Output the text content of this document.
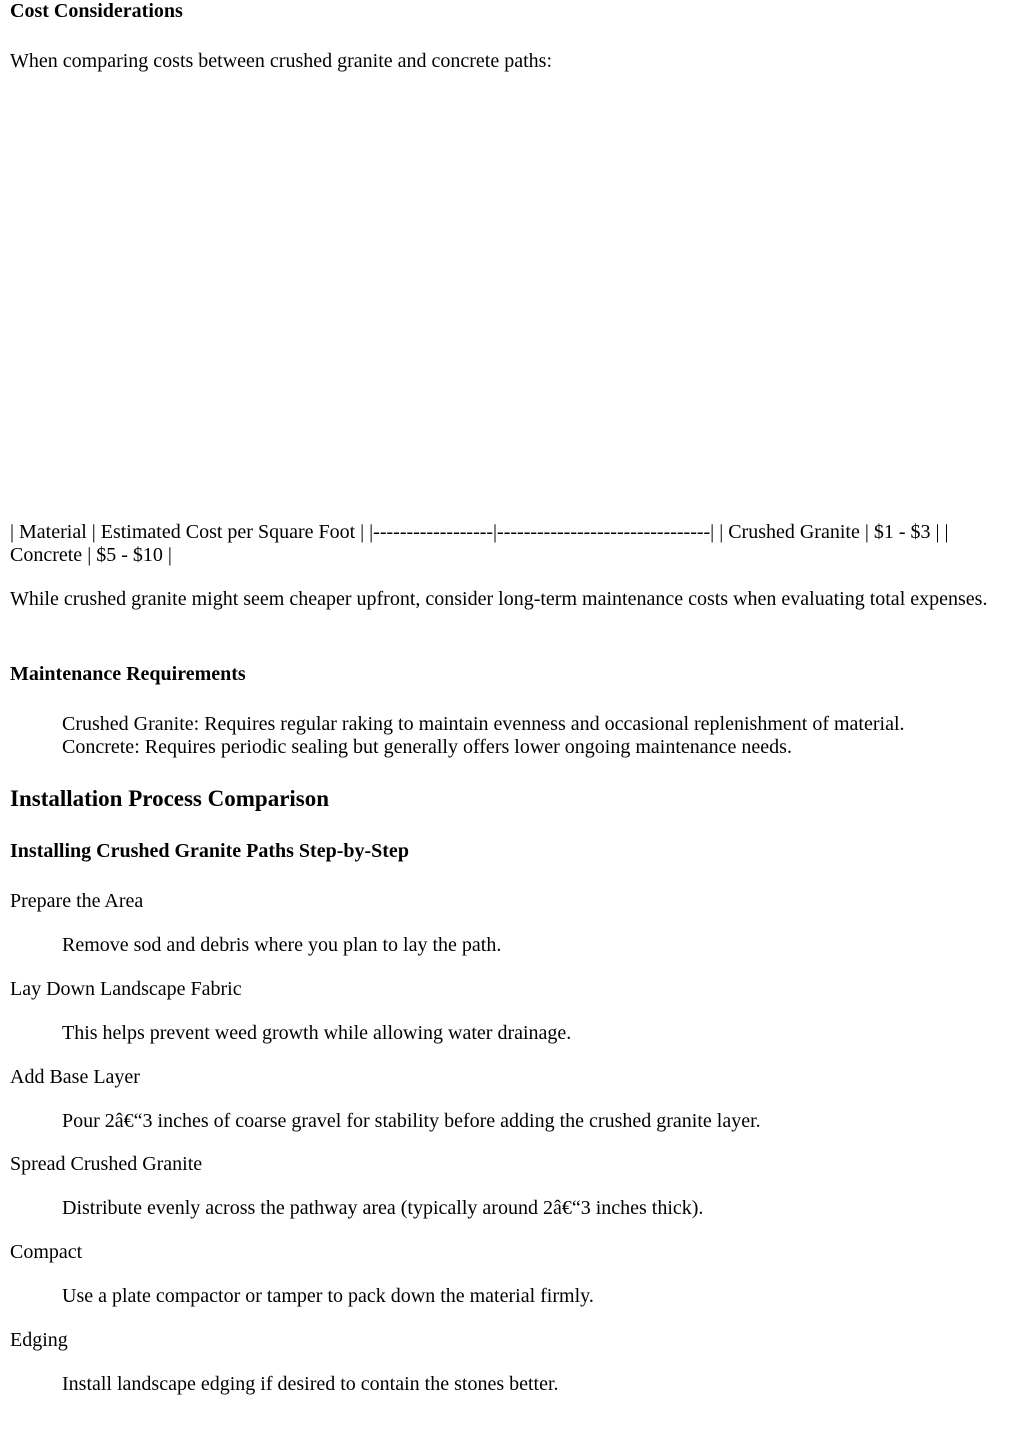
Cost Considerations

When comparing costs between crushed granite and concrete paths:

| Material | Estimated Cost per Square Foot | |------------------|--------------------------------| | Crushed Granite | $1 - $3 | | Concrete | $5 - $10 |

While crushed granite might seem cheaper upfront, consider long-term maintenance costs when evaluating total expenses.

Maintenance Requirements

Crushed Granite: Requires regular raking to maintain evenness and occasional replenishment of material.

Concrete: Requires periodic sealing but generally offers lower ongoing maintenance needs.

Installation Process Comparison
Installing Crushed Granite Paths Step-by-Step

Prepare the Area

Remove sod and debris where you plan to lay the path.

Lay Down Landscape Fabric

This helps prevent weed growth while allowing water drainage.

Add Base Layer

Pour 2â€“3 inches of coarse gravel for stability before adding the crushed granite layer.

Spread Crushed Granite

Distribute evenly across the pathway area (typically around 2â€“3 inches thick).

Compact

Use a plate compactor or tamper to pack down the material firmly.

Edging

Install landscape edging if desired to contain the stones better.
